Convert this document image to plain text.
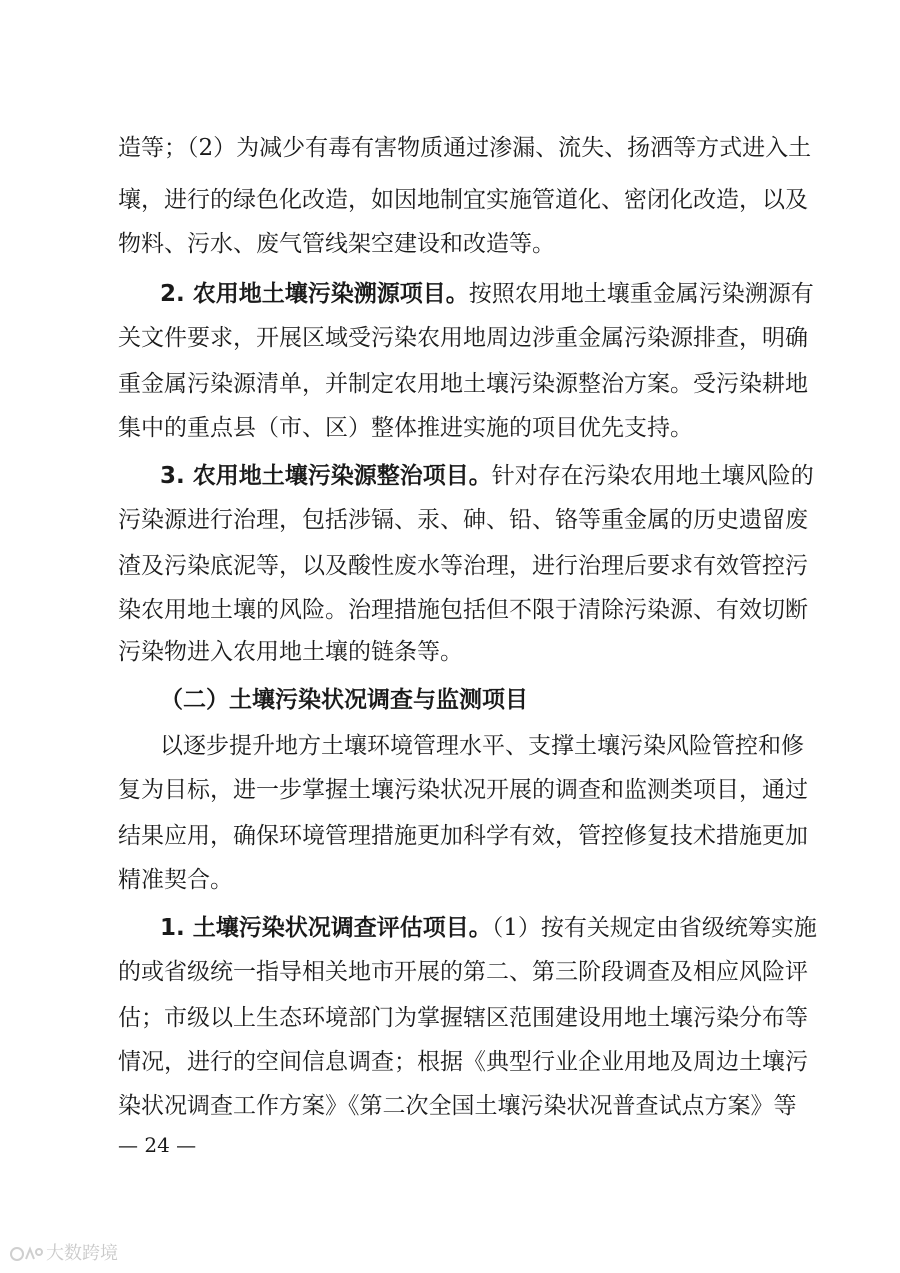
造等；（2）为减少有毒有害物质通过渗漏、流失、扬洒等方式进入土
壤，进行的绿色化改造，如因地制宜实施管道化、密闭化改造，以及
物料、污水、废气管线架空建设和改造等。
2. 农用地土壤污染溯源项目。按照农用地土壤重金属污染溯源有
关文件要求，开展区域受污染农用地周边涉重金属污染源排查，明确
重金属污染源清单，并制定农用地土壤污染源整治方案。受污染耕地
集中的重点县（市、区）整体推进实施的项目优先支持。
3. 农用地土壤污染源整治项目。针对存在污染农用地土壤风险的
污染源进行治理，包括涉镉、汞、砷、铅、铬等重金属的历史遗留废
渣及污染底泥等，以及酸性废水等治理，进行治理后要求有效管控污
染农用地土壤的风险。治理措施包括但不限于清除污染源、有效切断
污染物进入农用地土壤的链条等。
（二）土壤污染状况调查与监测项目
以逐步提升地方土壤环境管理水平、支撑土壤污染风险管控和修
复为目标，进一步掌握土壤污染状况开展的调查和监测类项目，通过
结果应用，确保环境管理措施更加科学有效，管控修复技术措施更加
精准契合。
1. 土壤污染状况调查评估项目。（1）按有关规定由省级统筹实施
的或省级统一指导相关地市开展的第二、第三阶段调查及相应风险评
估；市级以上生态环境部门为掌握辖区范围建设用地土壤污染分布等
情况，进行的空间信息调查；根据《典型行业企业用地及周边土壤污
染状况调查工作方案》《第二次全国土壤污染状况普查试点方案》等
— 24 —
大数跨境
